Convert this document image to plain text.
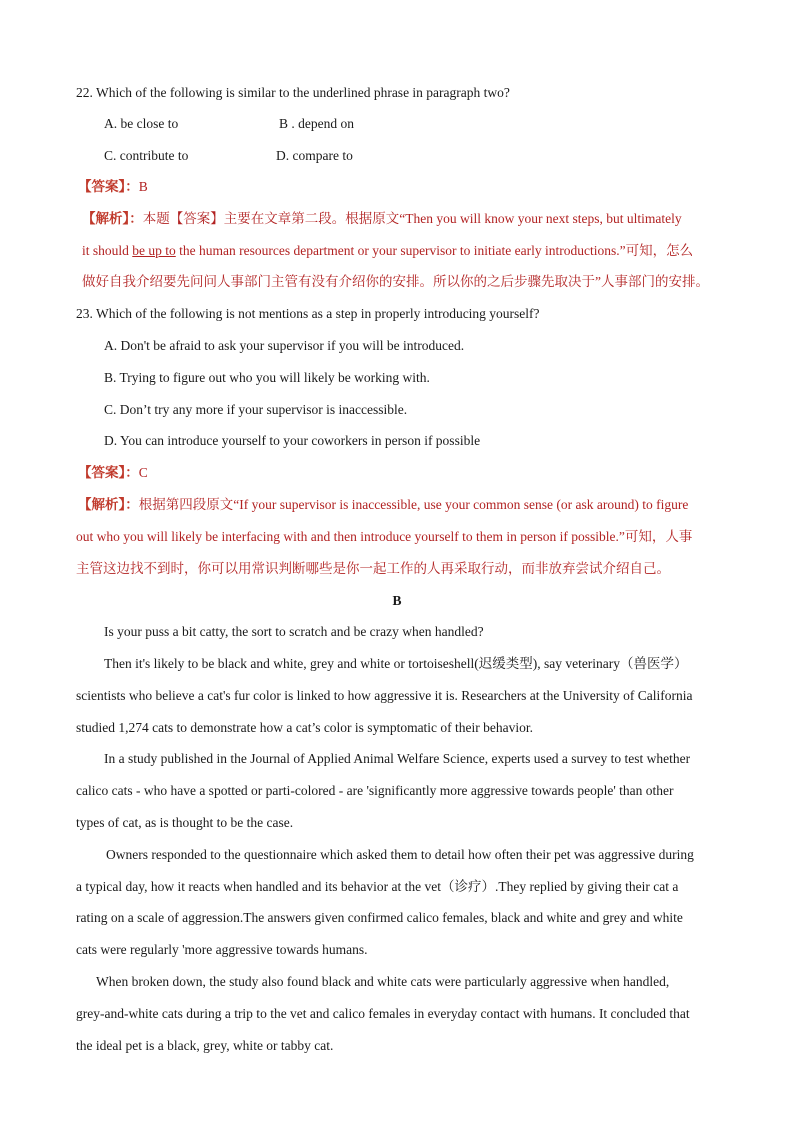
22. Which of the following is similar to the underlined phrase in paragraph two?
A. be close to	B . depend on
C. contribute to	D. compare to
【答案】：B
【解析】：本题【答案】主要在文章第二段。根据原文“Then you will know your next steps, but ultimately
it should be up to the human resources department or your supervisor to initiate early introductions.”可知，怎么
做好自我介绍要先问问人事部门主管有没有介绍你的安排。所以你的之后步骤先取决于”人事部门的安排。
23. Which of the following is not mentions as a step in properly introducing yourself?
A. Don't be afraid to ask your supervisor if you will be introduced.
B. Trying to figure out who you will likely be working with.
C. Don’t try any more if your supervisor is inaccessible.
D. You can introduce yourself to your coworkers in person if possible
【答案】：C
【解析】：根据第四段原文“If your supervisor is inaccessible, use your common sense (or ask around) to figure
out who you will likely be interfacing with and then introduce yourself to them in person if possible.”可知，人事
主管这边找不到时，你可以用常识判断哪些是你一起工作的人再采取行动，而非放弃尝试介绍自己。
B
Is your puss a bit catty, the sort to scratch and be crazy when handled?
Then it's likely to be black and white, grey and white or tortoiseshell(迟缓类型), say veterinary（兽医学）
scientists who believe a cat's fur color is linked to how aggressive it is. Researchers at the University of California
studied 1,274 cats to demonstrate how a cat’s color is symptomatic of their behavior.
In a study published in the Journal of Applied Animal Welfare Science, experts used a survey to test whether
calico cats - who have a spotted or parti-colored - are 'significantly more aggressive towards people' than other
types of cat, as is thought to be the case.
Owners responded to the questionnaire which asked them to detail how often their pet was aggressive during
a typical day, how it reacts when handled and its behavior at the vet（诊疗）.They replied by giving their cat a
rating on a scale of aggression.The answers given confirmed calico females, black and white and grey and white
cats were regularly 'more aggressive towards humans.
When broken down, the study also found black and white cats were particularly aggressive when handled,
grey-and-white cats during a trip to the vet and calico females in everyday contact with humans. It concluded that
the ideal pet is a black, grey, white or tabby cat.
